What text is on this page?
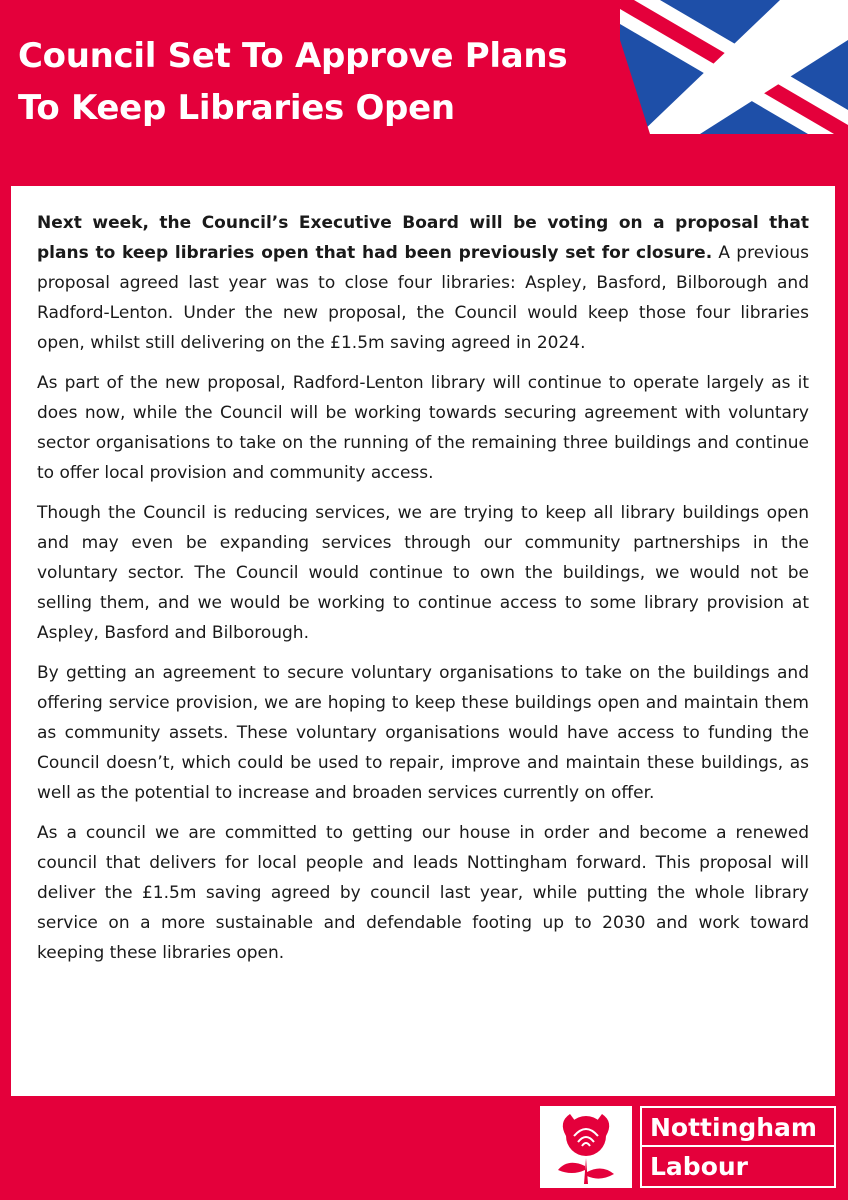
Council Set To Approve Plans
To Keep Libraries Open

Next week, the Council’s Executive Board will be voting on a proposal that plans to keep libraries open that had been previously set for closure. A previous proposal agreed last year was to close four libraries: Aspley, Basford, Bilborough and Radford-Lenton. Under the new proposal, the Council would keep those four libraries open, whilst still delivering on the £1.5m saving agreed in 2024.

As part of the new proposal, Radford-Lenton library will continue to operate largely as it does now, while the Council will be working towards securing agreement with voluntary sector organisations to take on the running of the remaining three buildings and continue to offer local provision and community access.

Though the Council is reducing services, we are trying to keep all library buildings open and may even be expanding services through our community partnerships in the voluntary sector. The Council would continue to own the buildings, we would not be selling them, and we would be working to continue access to some library provision at Aspley, Basford and Bilborough.

By getting an agreement to secure voluntary organisations to take on the buildings and offering service provision, we are hoping to keep these buildings open and maintain them as community assets. These voluntary organisations would have access to funding the Council doesn’t, which could be used to repair, improve and maintain these buildings, as well as the potential to increase and broaden services currently on offer.

As a council we are committed to getting our house in order and become a renewed council that delivers for local people and leads Nottingham forward. This proposal will deliver the £1.5m saving agreed by council last year, while putting the whole library service on a more sustainable and defendable footing up to 2030 and work toward keeping these libraries open.

Nottingham
Labour
